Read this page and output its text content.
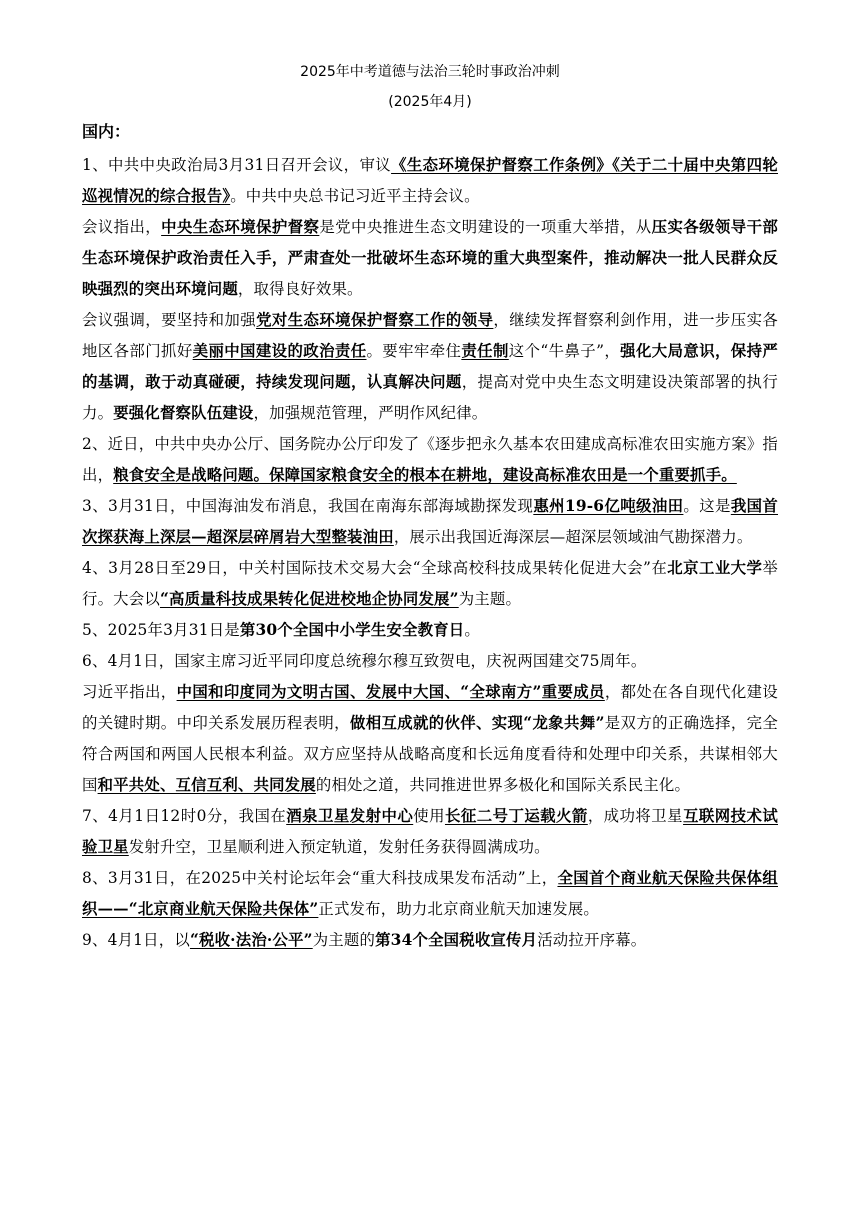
2025年中考道德与法治三轮时事政治冲刺
(2025年4月)
国内：

1、中共中央政治局3月31日召开会议，审议《生态环境保护督察工作条例》《关于二十届中央第四轮巡视情况的综合报告》。中共中央总书记习近平主持会议。

会议指出，中央生态环境保护督察是党中央推进生态文明建设的一项重大举措，从压实各级领导干部生态环境保护政治责任入手，严肃查处一批破坏生态环境的重大典型案件，推动解决一批人民群众反映强烈的突出环境问题，取得良好效果。

会议强调，要坚持和加强党对生态环境保护督察工作的领导，继续发挥督察利剑作用，进一步压实各地区各部门抓好美丽中国建设的政治责任。要牢牢牵住责任制这个“牛鼻子”，强化大局意识，保持严的基调，敢于动真碰硬，持续发现问题，认真解决问题，提高对党中央生态文明建设决策部署的执行力。要强化督察队伍建设，加强规范管理，严明作风纪律。

2、近日，中共中央办公厅、国务院办公厅印发了《逐步把永久基本农田建成高标准农田实施方案》指出，粮食安全是战略问题。保障国家粮食安全的根本在耕地，建设高标准农田是一个重要抓手。

3、3月31日，中国海油发布消息，我国在南海东部海域勘探发现惠州19-6亿吨级油田。这是我国首次探获海上深层—超深层碎屑岩大型整装油田，展示出我国近海深层—超深层领域油气勘探潜力。

4、3月28日至29日，中关村国际技术交易大会“全球高校科技成果转化促进大会”在北京工业大学举行。大会以“高质量科技成果转化促进校地企协同发展”为主题。

5、2025年3月31日是第30个全国中小学生安全教育日。

6、4月1日，国家主席习近平同印度总统穆尔穆互致贺电，庆祝两国建交75周年。

习近平指出，中国和印度同为文明古国、发展中大国、“全球南方”重要成员，都处在各自现代化建设的关键时期。中印关系发展历程表明，做相互成就的伙伴、实现“龙象共舞”是双方的正确选择，完全符合两国和两国人民根本利益。双方应坚持从战略高度和长远角度看待和处理中印关系，共谋相邻大国和平共处、互信互利、共同发展的相处之道，共同推进世界多极化和国际关系民主化。

7、4月1日12时0分，我国在酒泉卫星发射中心使用长征二号丁运载火箭，成功将卫星互联网技术试验卫星发射升空，卫星顺利进入预定轨道，发射任务获得圆满成功。

8、3月31日，在2025中关村论坛年会“重大科技成果发布活动”上，全国首个商业航天保险共保体组织——“北京商业航天保险共保体”正式发布，助力北京商业航天加速发展。

9、4月1日，以“税收·法治·公平”为主题的第34个全国税收宣传月活动拉开序幕。
